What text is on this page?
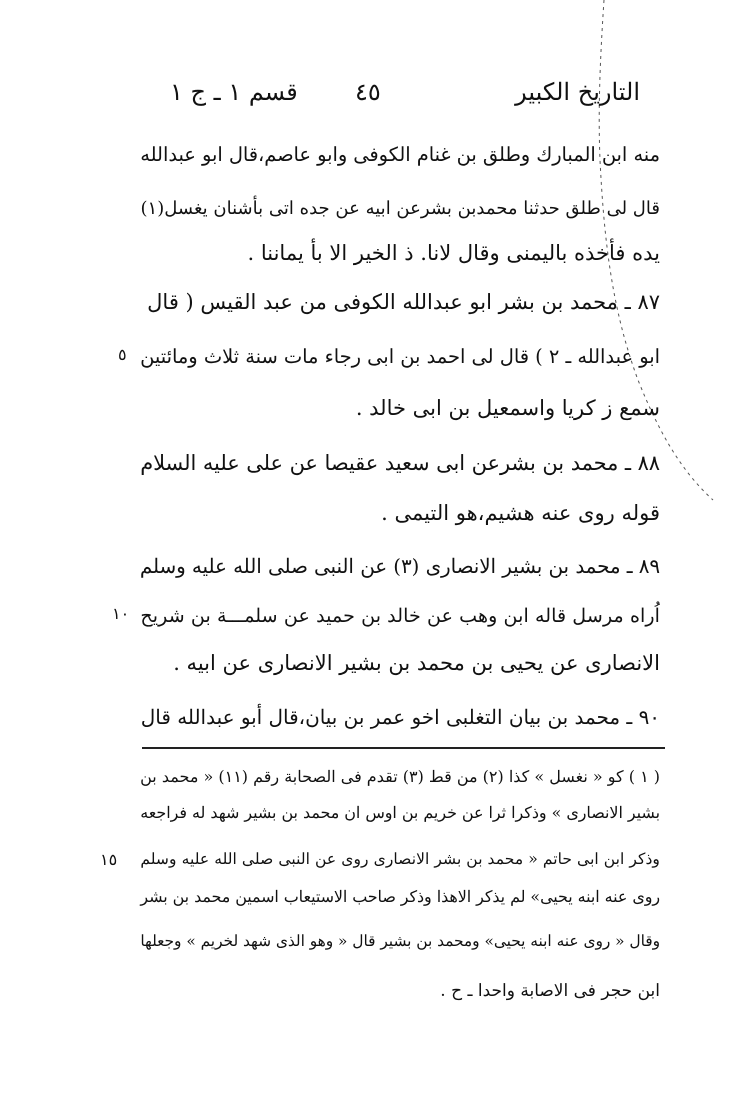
التاريخ الكبير
٤٥
قسم ١ ـ ج ١
منه ابن المبارك وطلق بن غنام الكوفى وابو عاصم،قال ابو عبدالله
قال لى طلق حدثنا محمدبن بشرعن ابيه عن جده اتى بأشنان يغسل(١)
يده فأخذه باليمنى وقال لانا. ذ الخير الا بأ يماننا .
٨٧ ـ محمد بن بشر ابو عبدالله الكوفى من عبد القيس ( قال
ابو عبدالله ـ ٢ ) قال لى احمد بن ابى رجاء مات سنة ثلاث ومائتين
سمع ز كريا واسمعيل بن ابى خالد .
٨٨ ـ محمد بن بشرعن ابى سعيد عقيصا عن على عليه السلام
قوله روى عنه هشيم،هو التيمى .
٨٩ ـ محمد بن بشير الانصارى (٣) عن النبى صلى الله عليه وسلم
اُراه مرسل قاله ابن وهب عن خالد بن حميد عن سلمـــة بن شريح
الانصارى عن يحيى بن محمد بن بشير الانصارى عن ابيه .
٩٠ ـ محمد بن بيان التغلبى اخو عمر بن بيان،قال أبو عبدالله قال
٥
١٠
١٥
( ١ ) كو « نغسل » كذا (٢) من قط (٣) تقدم فى الصحابة رقم (١١) « محمد بن
بشير الانصارى » وذكرا ثرا عن خريم بن اوس ان محمد بن بشير شهد له فراجعه
وذكر ابن ابى حاتم « محمد بن بشر الانصارى روى عن النبى صلى الله عليه وسلم
روى عنه ابنه يحيى» لم يذكر الاهذا وذكر صاحب الاستيعاب اسمين محمد بن بشر
وقال « روى عنه ابنه يحيى» ومحمد بن بشير قال « وهو الذى شهد لخريم » وجعلها
ابن حجر فى الاصابة واحدا ـ ح .
